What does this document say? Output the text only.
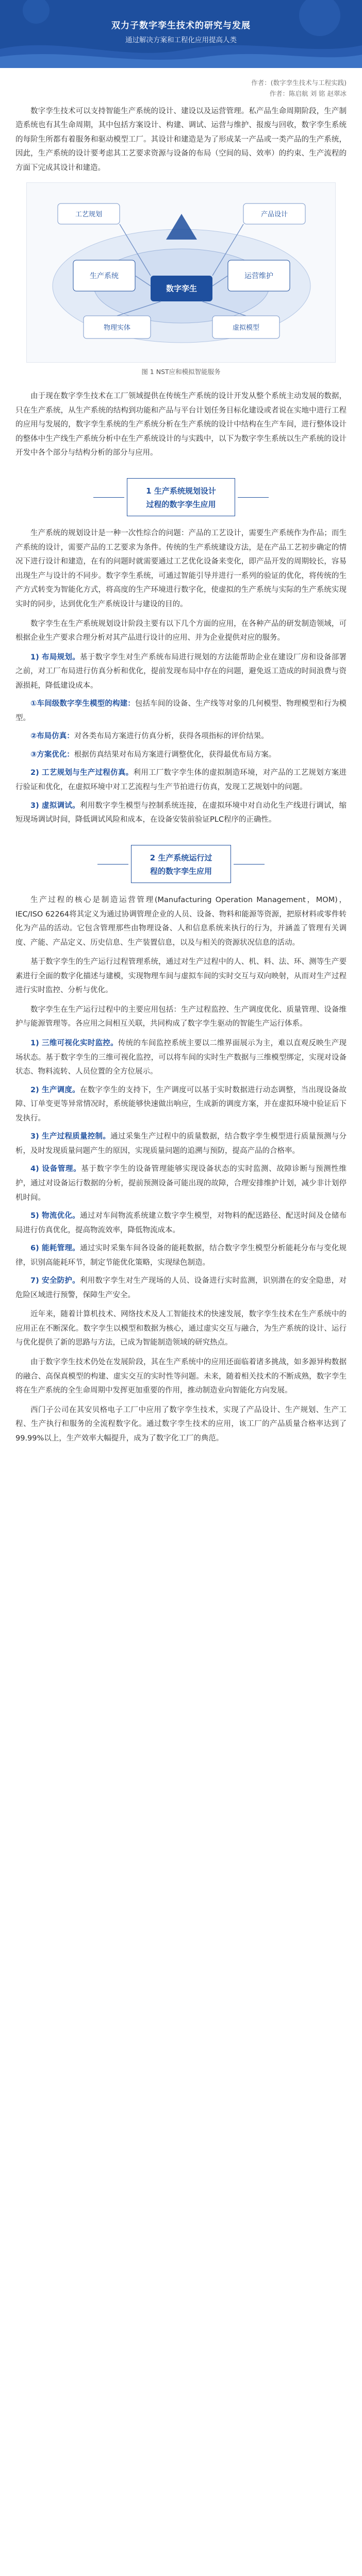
双力子数字孪生技术的研究与发展
通过解决方案和工程化应用提高人类
作者：(数字孪生技术与工程实践)
作者：陈启航 刘 铭 赵翠冰

数字孪生技术可以支持智能生产系统的设计、建设以及运营管理。私产品生命周期阶段，生产制造系统也有其生命周期，其中包括方案设计、构建、调试、运营与维护、报废与回收，数字孪生系统的每阶生所都有着服务和驱动模型工厂。其设计和建造是为了形成某一产品或一类产品的生产系统，因此，生产系统的设计要考虑其工艺要求资源与设备的布局（空间的局、效率）的约束、生产流程的方面下完成其设计和建造。

工艺规划	产品设计
生产系统	运营维护
数字孪生
物理实体	虚拟模型
图 1 NST应和模拟智能服务

由于现在数字孪生技术在工厂领域提供在传统生产系统的设计开发从整个系统主动发展的数据，只在生产系统，从生产系统的结构到功能和产品与平台计划任务目标化建设或者说在实地中进行工程的应用与发展的，数字孪生系统的生产系统分析在生产系统的设计中结构在生产车间，进行整体设计的整体中生产线生产系统分析中在生产系统设计的与实践中，以下为数字孪生系统以生产系统的设计开发中各个部分与结构分析的部分与应用。

1 生产系统规划设计
过程的数字孪生应用

生产系统的规划设计是一种一次性综合的问题：产品的工艺设计，需要生产系统作为作品；而生产系统的设计，需要产品的工艺要求为条件。传统的生产系统建设方法，是在产品工艺初步确定的情况下进行设计和建造，在有的问题时就需要通过工艺优化设备来变化，即产品开发的周期较长，容易出现生产与设计的不同步。数字孪生系统，可通过智能引导并进行一系列的验证的优化，将传统的生产方式转变为智能化方式，将高度的生产环境进行数字化，使虚拟的生产系统与实际的生产系统实现实时的同步，达到优化生产系统设计与建设的目的。

数字孪生在生产系统规划设计阶段主要有以下几个方面的应用，在各种产品的研发制造领域，可根据企业生产要求合理分析对其产品进行设计的应用、并为企业提供对应的服务。

1) 布局规划。基于数字孪生对生产系统布局进行规划的方法能帮助企业在建设厂房和设备部署之前，对工厂布局进行仿真分析和优化，提前发现布局中存在的问题，避免返工造成的时间浪费与资源损耗，降低建设成本。

①车间级数字孪生模型的构建：包括车间的设备、生产线等对象的几何模型、物理模型和行为模型。

②布局仿真：对各类布局方案进行仿真分析，获得各项指标的评价结果。

③方案优化：根据仿真结果对布局方案进行调整优化，获得最优布局方案。

2) 工艺规划与生产过程仿真。利用工厂数字孪生体的虚拟制造环境，对产品的工艺规划方案进行验证和优化，在虚拟环境中对工艺流程与生产节拍进行仿真，发现工艺规划中的问题。

3) 虚拟调试。利用数字孪生模型与控制系统连接，在虚拟环境中对自动化生产线进行调试，缩短现场调试时间，降低调试风险和成本，在设备安装前验证PLC程序的正确性。

2 生产系统运行过
程的数字孪生应用

生产过程的核心是制造运营管理(Manufacturing Operation Management，MOM)，IEC/ISO 62264将其定义为通过协调管理企业的人员、设备、物料和能源等资源，把原材料或零件转化为产品的活动。它包含管理那些由物理设备、人和信息系统来执行的行为，并涵盖了管理有关调度、产能、产品定义、历史信息、生产装置信息，以及与相关的资源状况信息的活动。

基于数字孪生的生产运行过程管理系统，通过对生产过程中的人、机、料、法、环、测等生产要素进行全面的数字化描述与建模，实现物理车间与虚拟车间的实时交互与双向映射，从而对生产过程进行实时监控、分析与优化。

数字孪生在生产运行过程中的主要应用包括：生产过程监控、生产调度优化、质量管理、设备维护与能源管理等。各应用之间相互关联，共同构成了数字孪生驱动的智能生产运行体系。

1) 三维可视化实时监控。传统的车间监控系统主要以二维界面展示为主，难以直观反映生产现场状态。基于数字孪生的三维可视化监控，可以将车间的实时生产数据与三维模型绑定，实现对设备状态、物料流转、人员位置的全方位展示。

2) 生产调度。在数字孪生的支持下，生产调度可以基于实时数据进行动态调整，当出现设备故障、订单变更等异常情况时，系统能够快速做出响应，生成新的调度方案，并在虚拟环境中验证后下发执行。

3) 生产过程质量控制。通过采集生产过程中的质量数据，结合数字孪生模型进行质量预测与分析，及时发现质量问题产生的原因，实现质量问题的追溯与预防，提高产品的合格率。

4) 设备管理。基于数字孪生的设备管理能够实现设备状态的实时监测、故障诊断与预测性维护，通过对设备运行数据的分析，提前预测设备可能出现的故障，合理安排维护计划，减少非计划停机时间。

5) 物流优化。通过对车间物流系统建立数字孪生模型，对物料的配送路径、配送时间及仓储布局进行仿真优化，提高物流效率，降低物流成本。

6) 能耗管理。通过实时采集车间各设备的能耗数据，结合数字孪生模型分析能耗分布与变化规律，识别高能耗环节，制定节能优化策略，实现绿色制造。

7) 安全防护。利用数字孪生对生产现场的人员、设备进行实时监测，识别潜在的安全隐患，对危险区域进行预警，保障生产安全。

近年来，随着计算机技术、网络技术及人工智能技术的快速发展，数字孪生技术在生产系统中的应用正在不断深化。数字孪生以模型和数据为核心，通过虚实交互与融合，为生产系统的设计、运行与优化提供了新的思路与方法，已成为智能制造领域的研究热点。

由于数字孪生技术仍处在发展阶段，其在生产系统中的应用还面临着诸多挑战，如多源异构数据的融合、高保真模型的构建、虚实交互的实时性等问题。未来，随着相关技术的不断成熟，数字孪生将在生产系统的全生命周期中发挥更加重要的作用，推动制造业向智能化方向发展。

西门子公司在其安贝格电子工厂中应用了数字孪生技术，实现了产品设计、生产规划、生产工程、生产执行和服务的全流程数字化。通过数字孪生技术的应用，该工厂的产品质量合格率达到了99.99%以上，生产效率大幅提升，成为了数字化工厂的典范。
